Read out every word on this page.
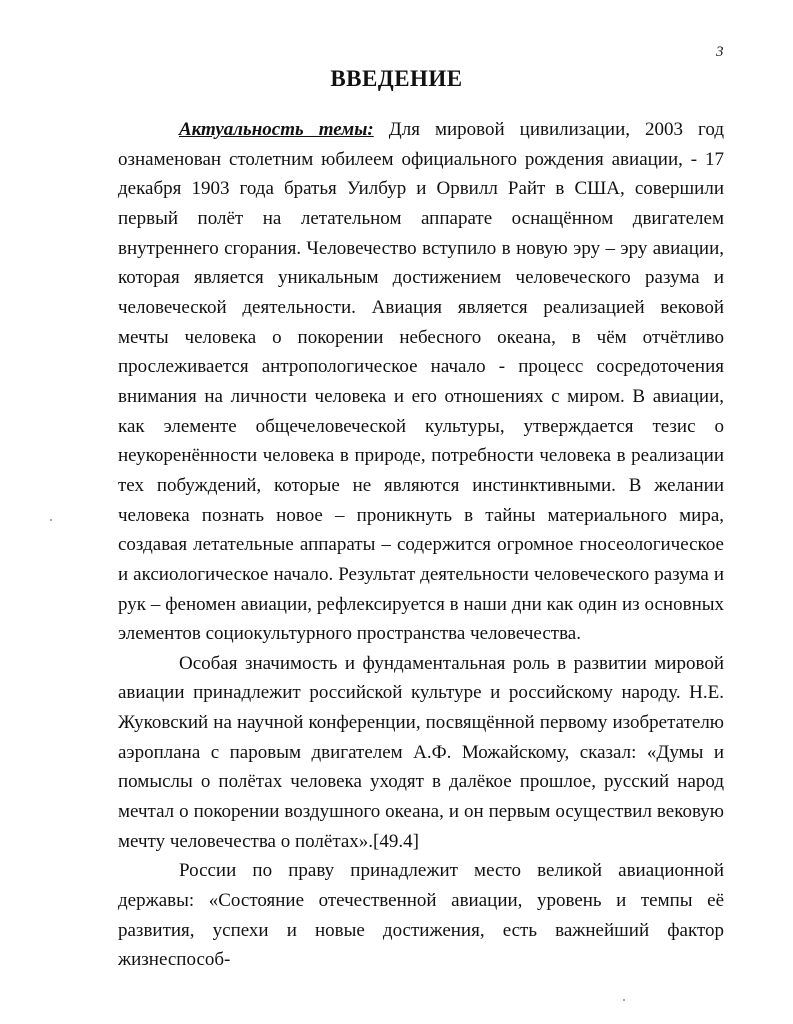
3
ВВЕДЕНИЕ

Актуальность темы: Для мировой цивилизации, 2003 год ознаменован столетним юбилеем официального рождения авиации, - 17 декабря 1903 года братья Уилбур и Орвилл Райт в США, совершили первый полёт на летательном аппарате оснащённом двигателем внутреннего сгорания. Человечество вступило в новую эру – эру авиации, которая является уникальным достижением человеческого разума и человеческой деятельности. Авиация является реализацией вековой мечты человека о покорении небесного океана, в чём отчётливо прослеживается антропологическое начало - процесс сосредоточения внимания на личности человека и его отношениях с миром. В авиации, как элементе общечеловеческой культуры, утверждается тезис о неукоренённости человека в природе, потребности человека в реализации тех побуждений, которые не являются инстинктивными. В желании человека познать новое – проникнуть в тайны материального мира, создавая летательные аппараты – содержится огромное гносеологическое и аксиологическое начало. Результат деятельности человеческого разума и рук – феномен авиации, рефлексируется в наши дни как один из основных элементов социокультурного пространства человечества.

Особая значимость и фундаментальная роль в развитии мировой авиации принадлежит российской культуре и российскому народу. Н.Е. Жуковский на научной конференции, посвящённой первому изобретателю аэроплана с паровым двигателем А.Ф. Можайскому, сказал: «Думы и помыслы о полётах человека уходят в далёкое прошлое, русский народ мечтал о покорении воздушного океана, и он первым осуществил вековую мечту человечества о полётах».[49.4]

России по праву принадлежит место великой авиационной державы: «Состояние отечественной авиации, уровень и темпы её развития, успехи и новые достижения, есть важнейший фактор жизнеспособ-
